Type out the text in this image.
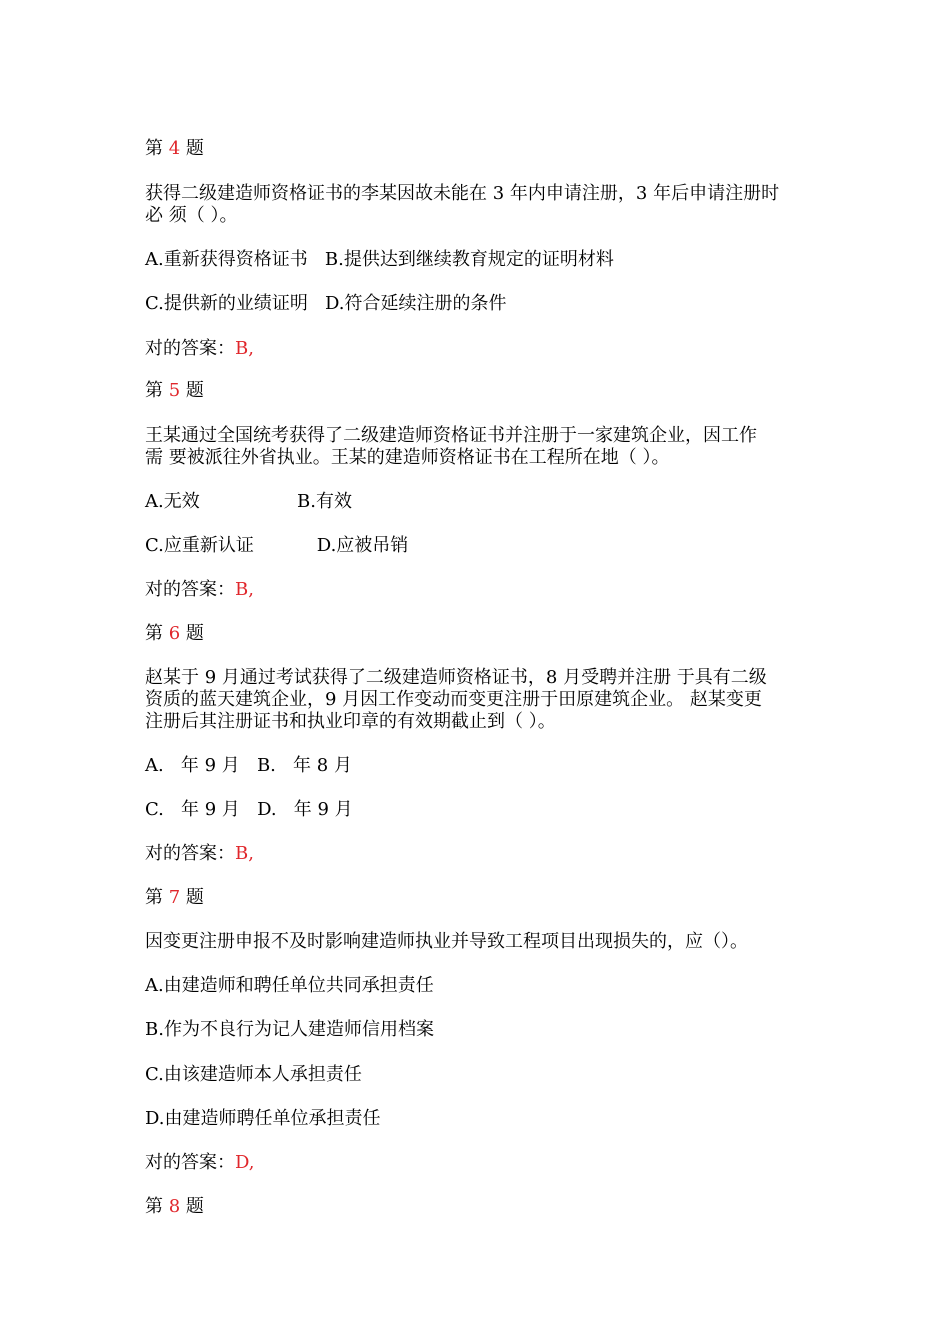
第 4 题
获得二级建造师资格证书的李某因故未能在 3 年内申请注册，3 年后申请注册时
必 须（ ）。
A.重新获得资格证书   B.提供达到继续教育规定的证明材料
C.提供新的业绩证明   D.符合延续注册的条件
对的答案：B,
第 5 题
王某通过全国统考获得了二级建造师资格证书并注册于一家建筑企业，因工作
需 要被派往外省执业。王某的建造师资格证书在工程所在地（ ）。
A.无效                 B.有效
C.应重新认证           D.应被吊销
对的答案：B,
第 6 题
赵某于 9 月通过考试获得了二级建造师资格证书，8 月受聘并注册 于具有二级
资质的蓝天建筑企业，9 月因工作变动而变更注册于田原建筑企业。 赵某变更
注册后其注册证书和执业印章的有效期截止到（ ）。
A.   年 9 月   B.   年 8 月
C.   年 9 月   D.   年 9 月
对的答案：B,
第 7 题
因变更注册申报不及时影响建造师执业并导致工程项目出现损失的，应（）。
A.由建造师和聘任单位共同承担责任
B.作为不良行为记人建造师信用档案
C.由该建造师本人承担责任
D.由建造师聘任单位承担责任
对的答案：D,
第 8 题
